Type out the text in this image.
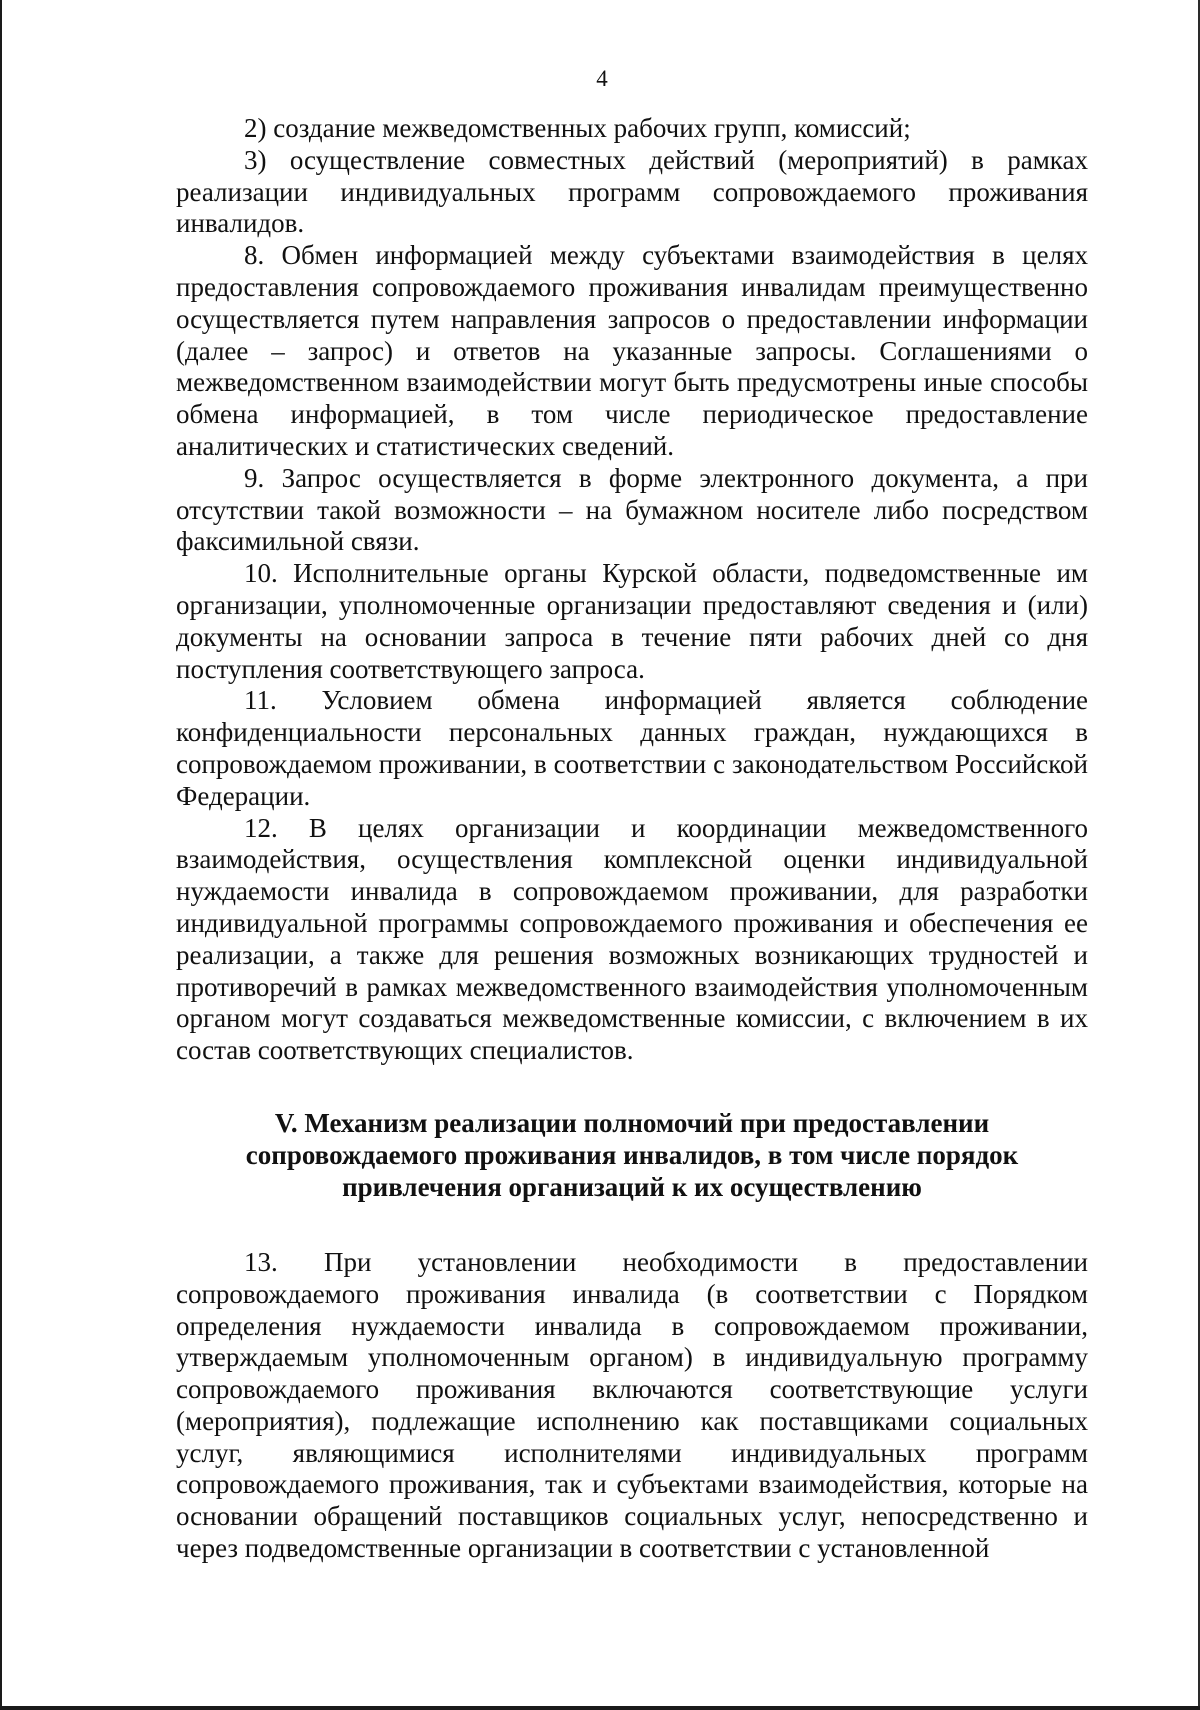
4

2) создание межведомственных рабочих групп, комиссий;

3) осуществление совместных действий (мероприятий) в рамках реализации индивидуальных программ сопровождаемого проживания инвалидов.

8. Обмен информацией между субъектами взаимодействия в целях предоставления сопровождаемого проживания инвалидам преимущественно осуществляется путем направления запросов о предоставлении информации (далее – запрос) и ответов на указанные запросы. Соглашениями о межведомственном взаимодействии могут быть предусмотрены иные способы обмена информацией, в том числе периодическое предоставление аналитических и статистических сведений.

9. Запрос осуществляется в форме электронного документа, а при отсутствии такой возможности – на бумажном носителе либо посредством факсимильной связи.

10. Исполнительные органы Курской области, подведомственные им организации, уполномоченные организации предоставляют сведения и (или) документы на основании запроса в течение пяти рабочих дней со дня поступления соответствующего запроса.

11. Условием обмена информацией является соблюдение конфиденциальности персональных данных граждан, нуждающихся в сопровождаемом проживании, в соответствии с законодательством Российской Федерации.

12. В целях организации и координации межведомственного взаимодействия, осуществления комплексной оценки индивидуальной нуждаемости инвалида в сопровождаемом проживании, для разработки индивидуальной программы сопровождаемого проживания и обеспечения ее реализации, а также для решения возможных возникающих трудностей и противоречий в рамках межведомственного взаимодействия уполномоченным органом могут создаваться межведомственные комиссии, с включением в их состав соответствующих специалистов.

V. Механизм реализации полномочий при предоставлении сопровождаемого проживания инвалидов, в том числе порядок привлечения организаций к их осуществлению

13. При установлении необходимости в предоставлении сопровождаемого проживания инвалида (в соответствии с Порядком определения нуждаемости инвалида в сопровождаемом проживании, утверждаемым уполномоченным органом) в индивидуальную программу сопровождаемого проживания включаются соответствующие услуги (мероприятия), подлежащие исполнению как поставщиками социальных услуг, являющимися исполнителями индивидуальных программ сопровождаемого проживания, так и субъектами взаимодействия, которые на основании обращений поставщиков социальных услуг, непосредственно и через подведомственные организации в соответствии с установленной
